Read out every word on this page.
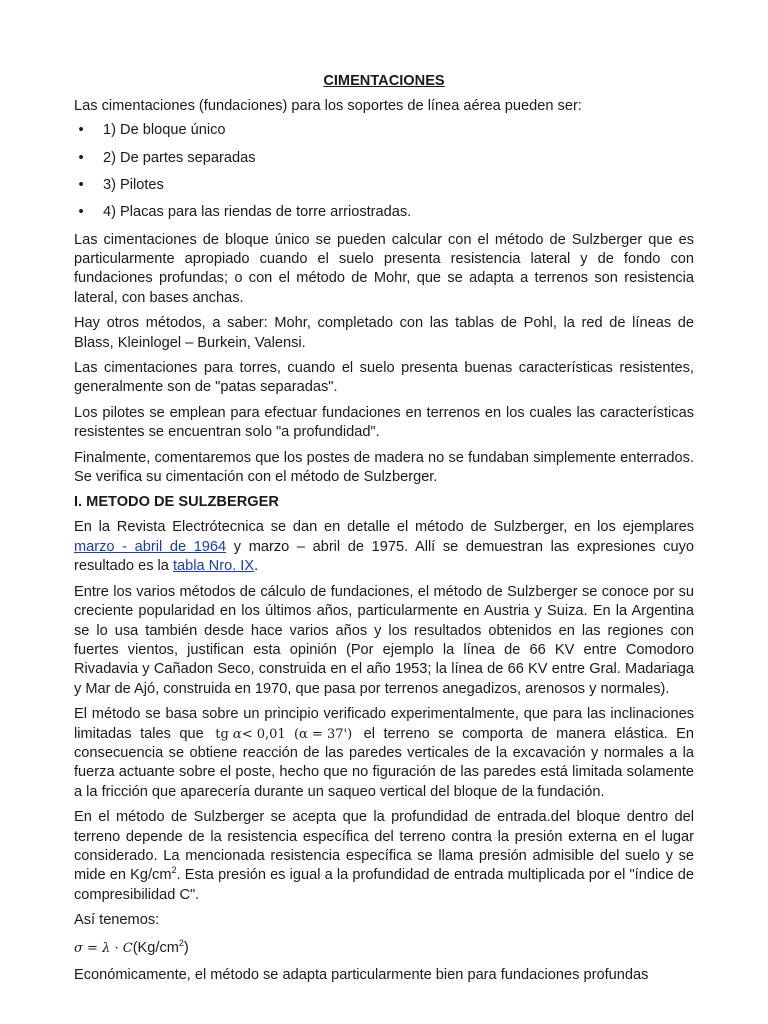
CIMENTACIONES

Las cimentaciones (fundaciones) para los soportes de línea aérea pueden ser:

•	1) De bloque único
•	2) De partes separadas
•	3) Pilotes
•	4) Placas para las riendas de torre arriostradas.

Las cimentaciones de bloque único se pueden calcular con el método de Sulzberger que es particularmente apropiado cuando el suelo presenta resistencia lateral y de fondo con fundaciones profundas; o con el método de Mohr, que se adapta a terrenos son resistencia lateral, con bases anchas.

Hay otros métodos, a saber: Mohr, completado con las tablas de Pohl, la red de líneas de Blass, Kleinlogel – Burkein, Valensi.

Las cimentaciones para torres, cuando el suelo presenta buenas características resistentes, generalmente son de "patas separadas".

Los pilotes se emplean para efectuar fundaciones en terrenos en los cuales las características resistentes se encuentran solo "a profundidad".

Finalmente, comentaremos que los postes de madera no se fundaban simplemente enterrados. Se verifica su cimentación con el método de Sulzberger.

I. METODO DE SULZBERGER

En la Revista Electrótecnica se dan en detalle el método de Sulzberger, en los ejemplares marzo - abril de 1964 y marzo – abril de 1975. Allí se demuestran las expresiones cuyo resultado es la tabla Nro. IX.

Entre los varios métodos de cálculo de fundaciones, el método de Sulzberger se conoce por su creciente popularidad en los últimos años, particularmente en Austria y Suiza. En la Argentina se lo usa también desde hace varios años y los resultados obtenidos en las regiones con fuertes vientos, justifican esta opinión (Por ejemplo la línea de 66 KV entre Comodoro Rivadavia y Cañadon Seco, construida en el año 1953; la línea de 66 KV entre Gral. Madariaga y Mar de Ajó, construida en 1970, que pasa por terrenos anegadizos, arenosos y normales).

El método se basa sobre un principio verificado experimentalmente, que para las inclinaciones limitadas tales que tg α< 0,01 (α = 37') el terreno se comporta de manera elástica. En consecuencia se obtiene reacción de las paredes verticales de la excavación y normales a la fuerza actuante sobre el poste, hecho que no figuración de las paredes está limitada solamente a la fricción que aparecería durante un saqueo vertical del bloque de la fundación.

En el método de Sulzberger se acepta que la profundidad de entrada.del bloque dentro del terreno depende de la resistencia específica del terreno contra la presión externa en el lugar considerado. La mencionada resistencia específica se llama presión admisible del suelo y se mide en $Kg/cm^2$. Esta presión es igual a la profundidad de entrada multiplicada por el "índice de compresibilidad C".

Así tenemos:

$\sigma = \lambda \cdot C(Kg/cm^2)$

Económicamente, el método se adapta particularmente bien para fundaciones profundas
